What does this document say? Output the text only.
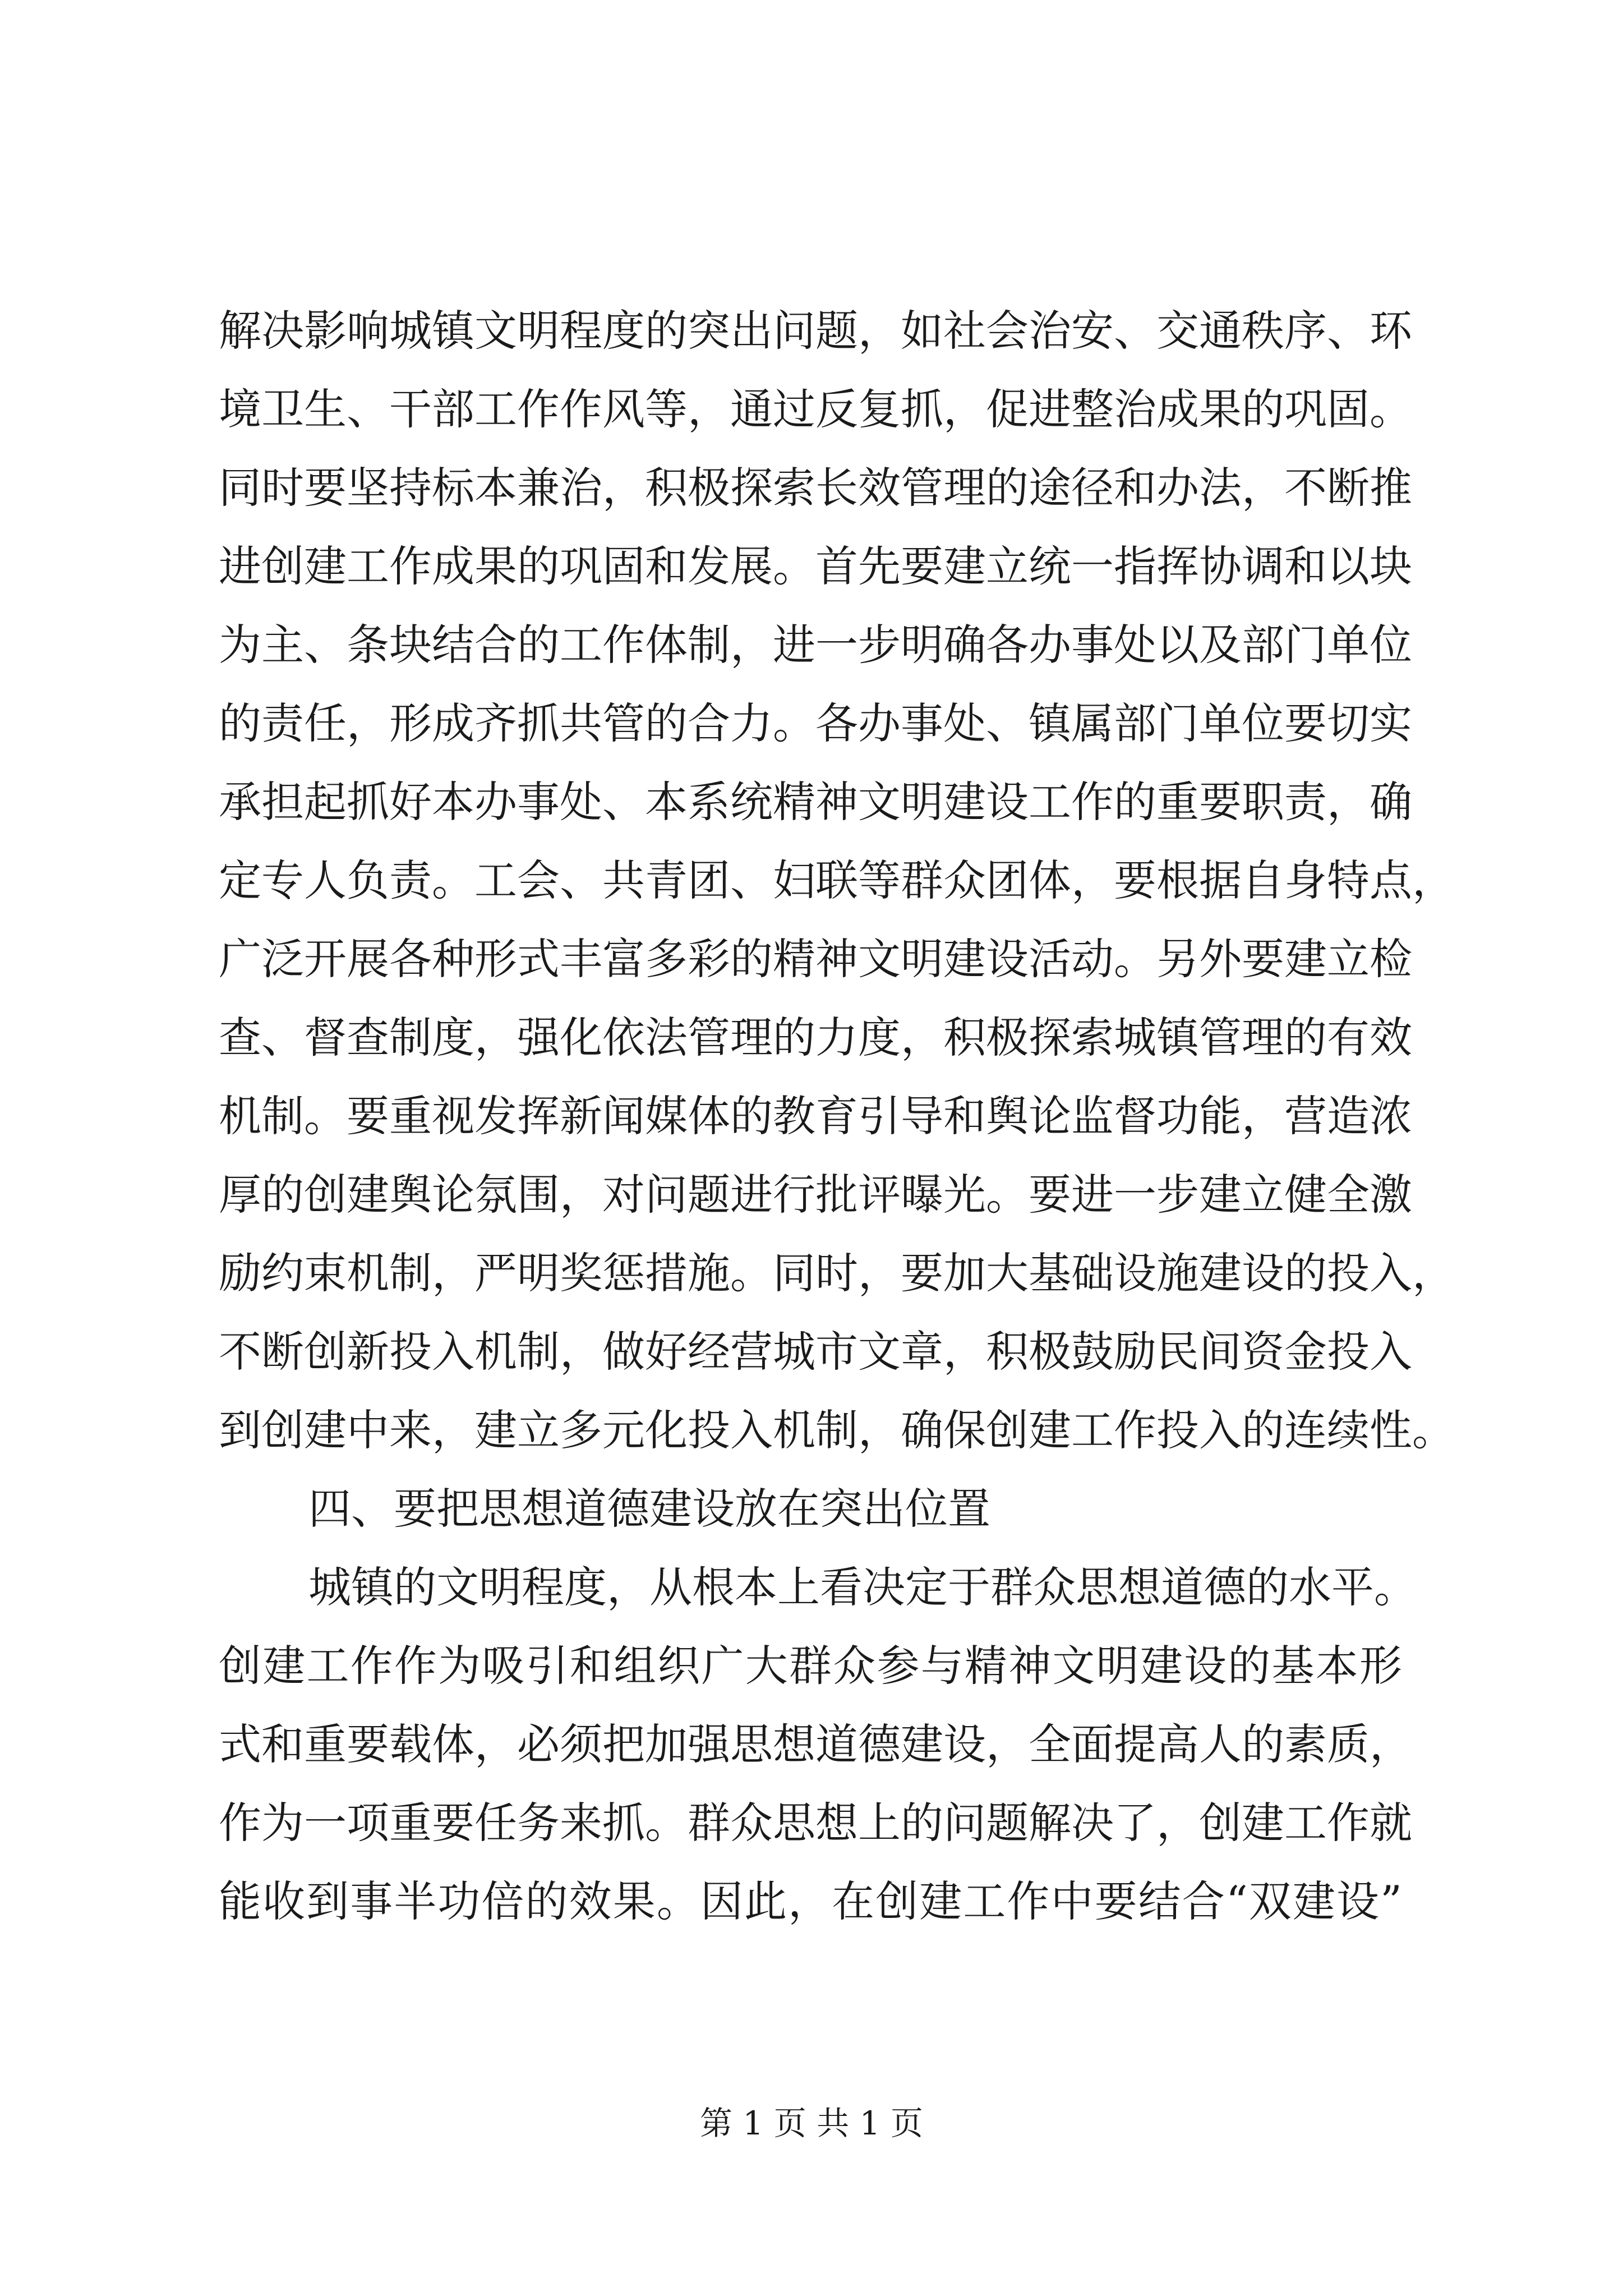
解决影响城镇文明程度的突出问题，如社会治安、交通秩序、环
境卫生、干部工作作风等，通过反复抓，促进整治成果的巩固。
同时要坚持标本兼治，积极探索长效管理的途径和办法，不断推
进创建工作成果的巩固和发展。首先要建立统一指挥协调和以块
为主、条块结合的工作体制，进一步明确各办事处以及部门单位
的责任，形成齐抓共管的合力。各办事处、镇属部门单位要切实
承担起抓好本办事处、本系统精神文明建设工作的重要职责，确
定专人负责。工会、共青团、妇联等群众团体，要根据自身特点，
广泛开展各种形式丰富多彩的精神文明建设活动。另外要建立检
查、督查制度，强化依法管理的力度，积极探索城镇管理的有效
机制。要重视发挥新闻媒体的教育引导和舆论监督功能，营造浓
厚的创建舆论氛围，对问题进行批评曝光。要进一步建立健全激
励约束机制，严明奖惩措施。同时，要加大基础设施建设的投入，
不断创新投入机制，做好经营城市文章，积极鼓励民间资金投入
到创建中来，建立多元化投入机制，确保创建工作投入的连续性。
四、要把思想道德建设放在突出位置
城镇的文明程度，从根本上看决定于群众思想道德的水平。
创建工作作为吸引和组织广大群众参与精神文明建设的基本形
式和重要载体，必须把加强思想道德建设，全面提高人的素质，
作为一项重要任务来抓。群众思想上的问题解决了，创建工作就
能收到事半功倍的效果。因此，在创建工作中要结合“双建设”
第 1 页 共 1 页
